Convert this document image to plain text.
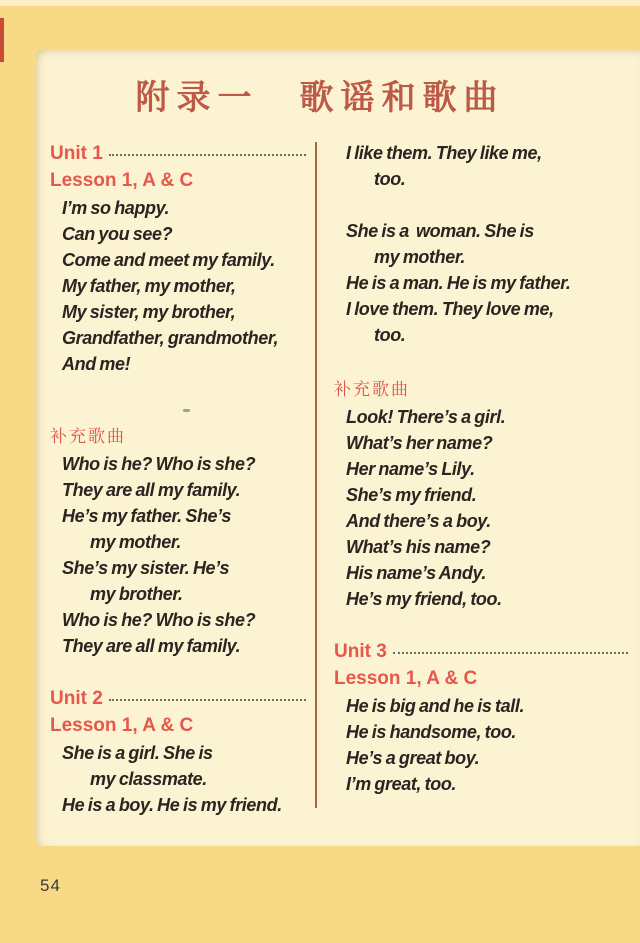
附录一　歌谣和歌曲
Unit 1
Lesson 1, A & C
I’m so happy.
Can you see?
Come and meet my family.
My father, my mother,
My sister, my brother,
Grandfather, grandmother,
And me!
补充歌曲
Who is he? Who is she?
They are all my family.
He’s my father. She’s
my mother.
She’s my sister. He’s
my brother.
Who is he? Who is she?
They are all my family.
Unit 2
Lesson 1, A & C
She is a girl. She is
my classmate.
He is a boy. He is my friend.
I like them. They like me,
too.
She is a  woman. She is
my mother.
He is a man. He is my father.
I love them. They love me,
too.
补充歌曲
Look! There’s a girl.
What’s her name?
Her name’s Lily.
She’s my friend.
And there’s a boy.
What’s his name?
His name’s Andy.
He’s my friend, too.
Unit 3
Lesson 1, A & C
He is big and he is tall.
He is handsome, too.
He’s a great boy.
I’m great, too.
54
